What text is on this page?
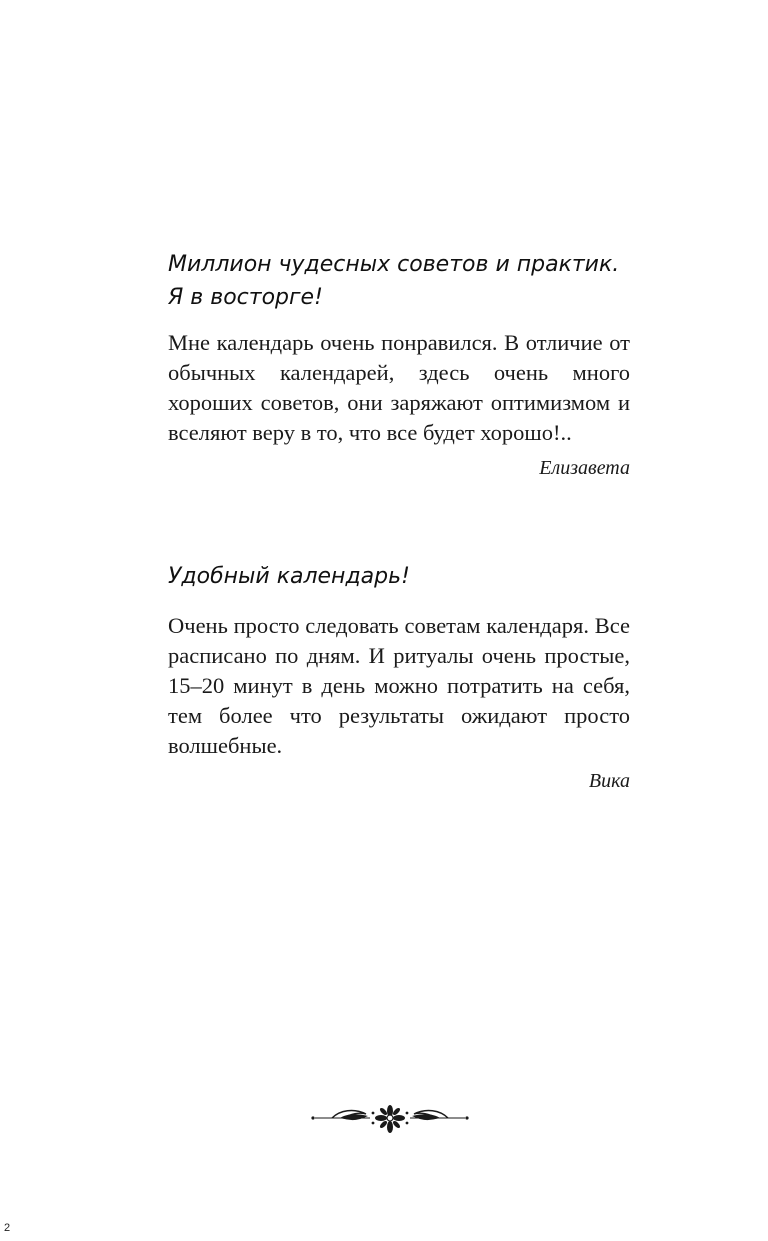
Миллион чудесных советов и практик.
Я в восторге!

Мне календарь очень понравился. В отличие от обычных календарей, здесь очень много хороших советов, они заряжают оптимизмом и вселяют веру в то, что все будет хорошо!..

Елизавета

Удобный календарь!

Очень просто следовать советам календаря. Все расписано по дням. И ритуалы очень простые, 15–20 минут в день можно потратить на себя, тем более что результаты ожидают просто волшебные.

Вика

2
